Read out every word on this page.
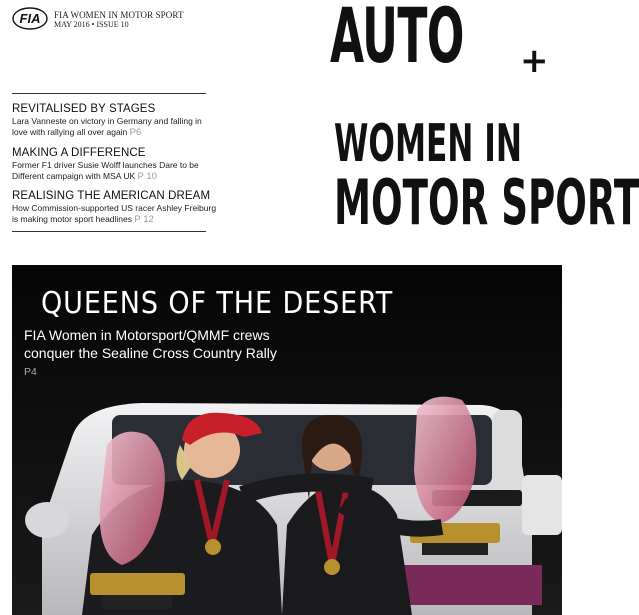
FIA FIA WOMEN IN MOTOR SPORT
MAY 2016 • ISSUE 10	AUTO +
WOMEN IN
MOTOR SPORT
REVITALISED BY STAGES
Lara Vanneste on victory in Germany and falling in love with rallying all over again P6
MAKING A DIFFERENCE
Former F1 driver Susie Wolff launches Dare to be Different campaign with MSA UK P 10
REALISING THE AMERICAN DREAM
How Commission-supported US racer Ashley Freiburg is making motor sport headlines P 12
QUEENS OF THE DESERT
FIA Women in Motorsport/QMMF crews conquer the Sealine Cross Country Rally P4
